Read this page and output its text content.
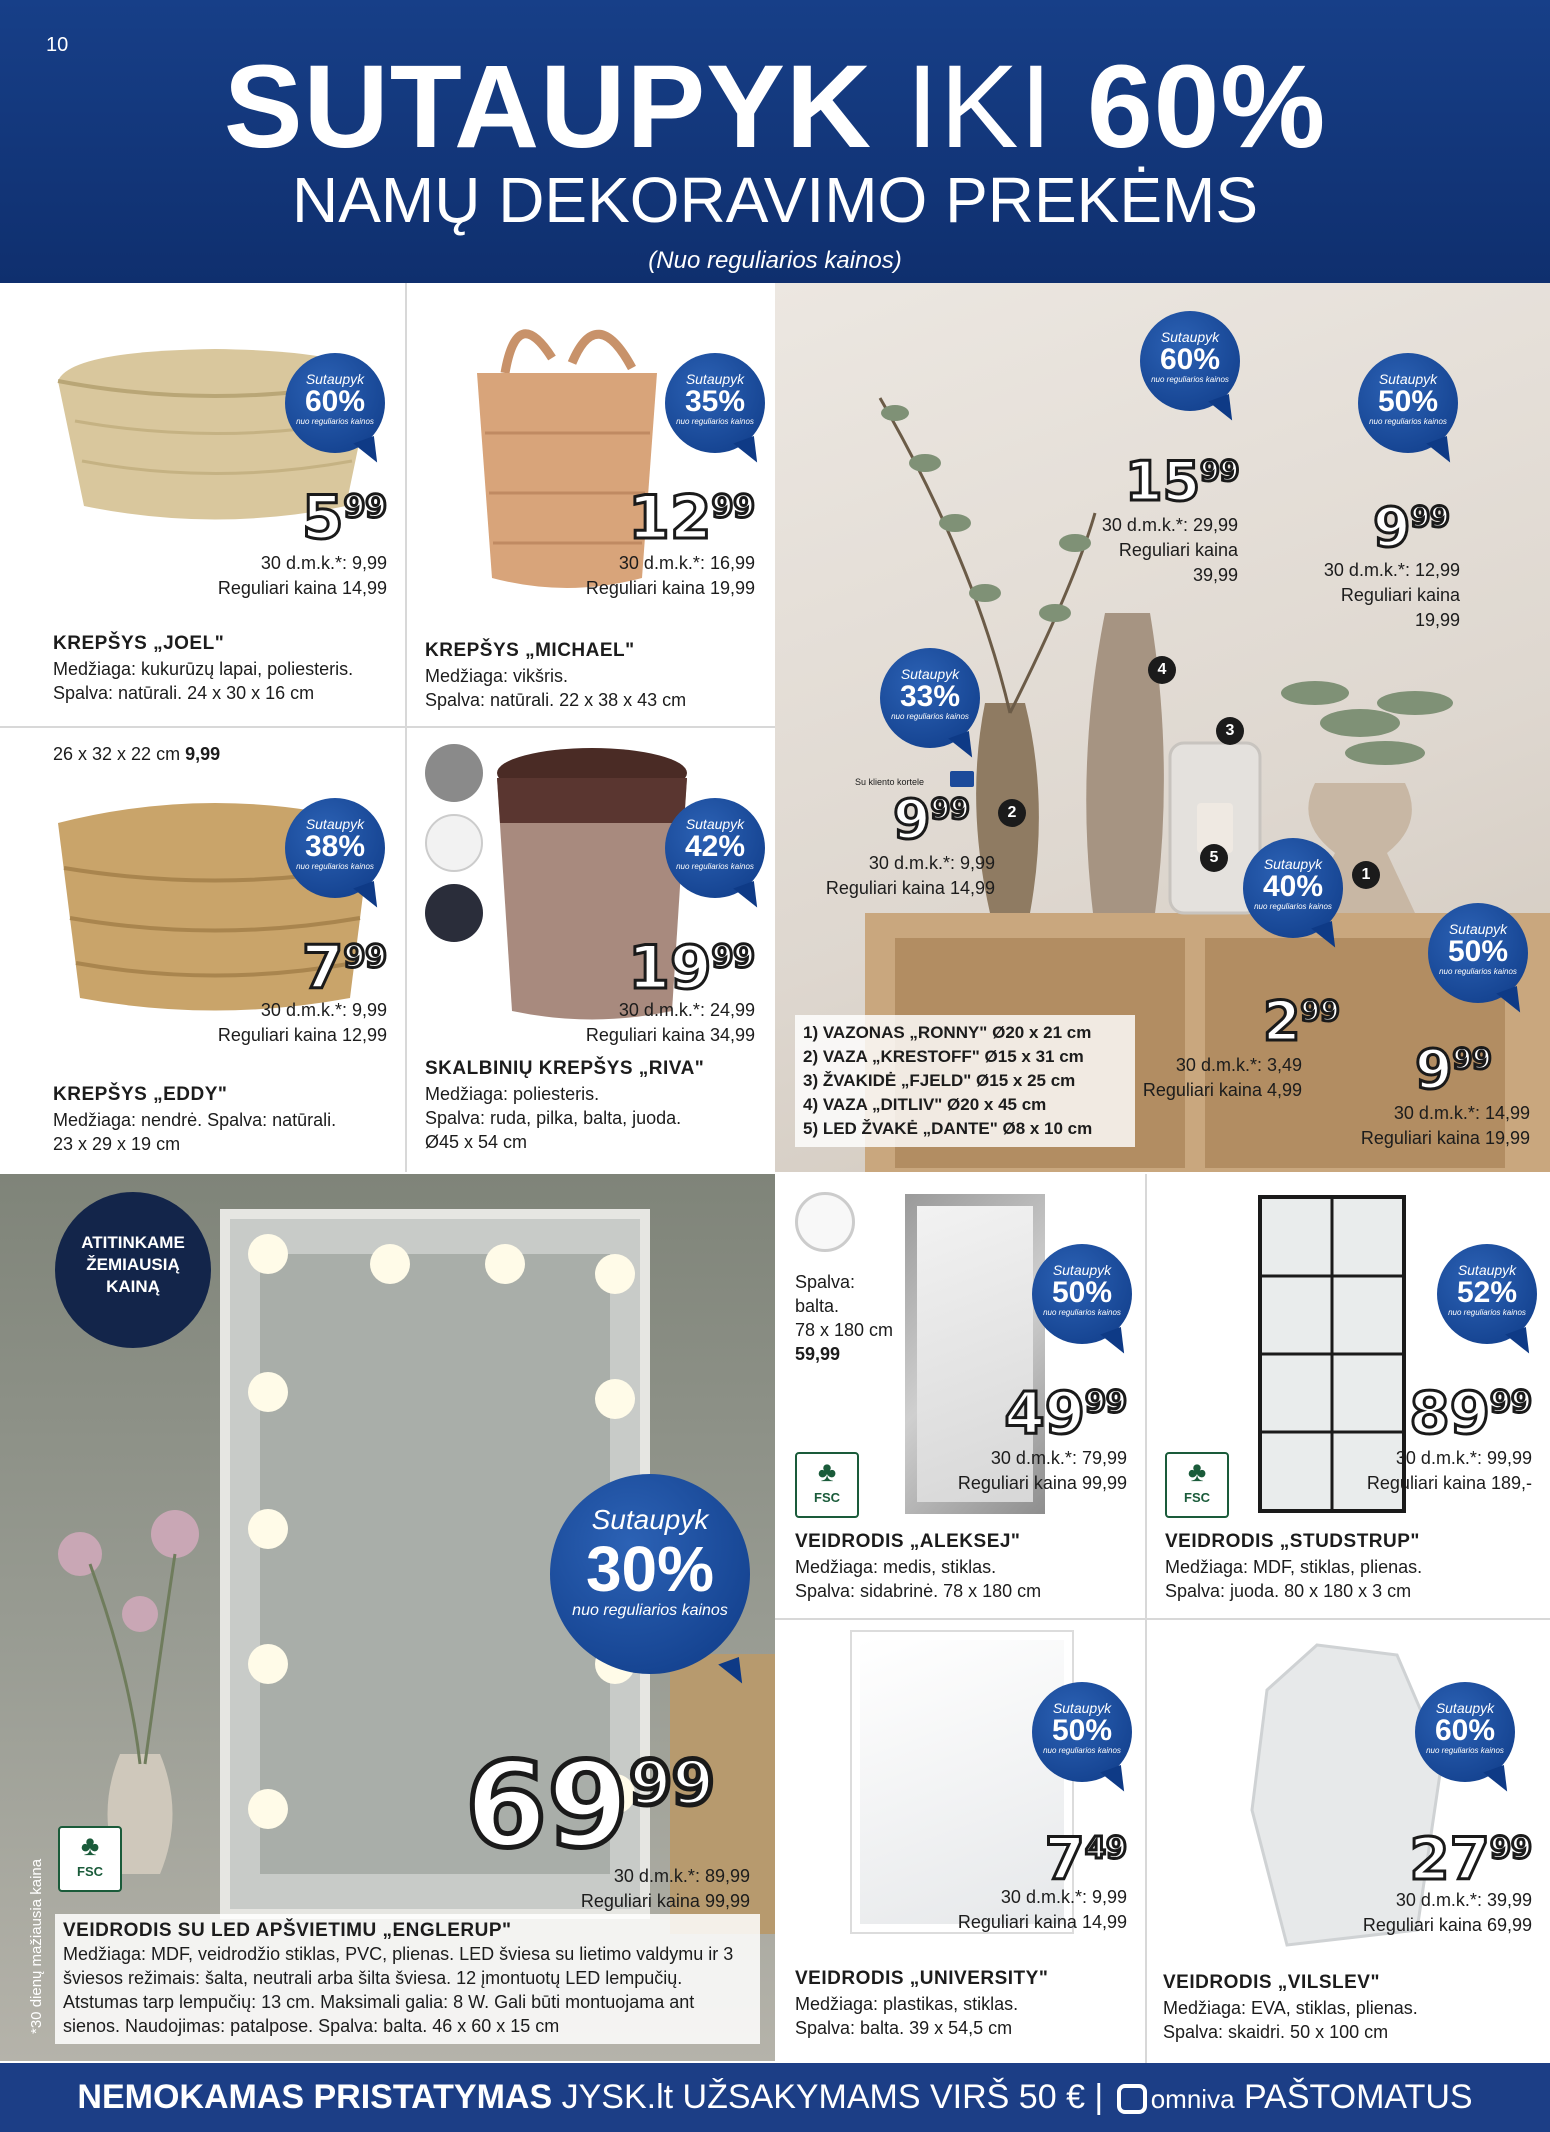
10	SUTAUPYK IKI 60%
NAMŲ DEKORAVIMO PREKĖMS
(Nuo reguliarios kainos)
Sutaupyk
60%
nuo reguliarios kainos
$5^{99}$
30 d.m.k.*: 9,99
Reguliari kaina 14,99
KREPŠYS „JOEL"
Medžiaga: kukurūzų lapai, poliesteris.
Spalva: natūrali. 24 x 30 x 16 cm
Sutaupyk
35%
nuo reguliarios kainos
$12^{99}$
30 d.m.k.*: 16,99
Reguliari kaina 19,99
KREPŠYS „MICHAEL"
Medžiaga: vikšris.
Spalva: natūrali. 22 x 38 x 43 cm
26 x 32 x 22 cm 9,99
Sutaupyk
38%
nuo reguliarios kainos
$7^{99}$
30 d.m.k.*: 9,99
Reguliari kaina 12,99
KREPŠYS „EDDY"
Medžiaga: nendrė. Spalva: natūrali.
23 x 29 x 19 cm
Sutaupyk
42%
nuo reguliarios kainos
$19^{99}$
30 d.m.k.*: 24,99
Reguliari kaina 34,99
SKALBINIŲ KREPŠYS „RIVA"
Medžiaga: poliesteris.
Spalva: ruda, pilka, balta, juoda.
Ø45 x 54 cm
1
2
3
4
5
Sutaupyk
60%
nuo reguliarios kainos
$15^{99}$
30 d.m.k.*: 29,99
Reguliari kaina
39,99
Sutaupyk
50%
nuo reguliarios kainos
$9^{99}$
30 d.m.k.*: 12,99
Reguliari kaina
19,99
Sutaupyk
33%
nuo reguliarios kainos
Su kliento kortele
$9^{99}$
30 d.m.k.*: 9,99
Reguliari kaina 14,99
Sutaupyk
40%
nuo reguliarios kainos
$2^{99}$
30 d.m.k.*: 3,49
Reguliari kaina 4,99
Sutaupyk
50%
nuo reguliarios kainos
$9^{99}$
30 d.m.k.*: 14,99
Reguliari kaina 19,99
1) VAZONAS „RONNY" Ø20 x 21 cm
2) VAZA „KRESTOFF" Ø15 x 31 cm
3) ŽVAKIDĖ „FJELD" Ø15 x 25 cm
4) VAZA „DITLIV" Ø20 x 45 cm
5) LED ŽVAKĖ „DANTE" Ø8 x 10 cm
ATITINKAME ŽEMIAUSIĄ KAINĄ
Sutaupyk
30%
nuo reguliarios kainos
$69^{99}$
30 d.m.k.*: 89,99
Reguliari kaina 99,99
♣
FSC
VEIDRODIS SU LED APŠVIETIMU „ENGLERUP"
Medžiaga: MDF, veidrodžio stiklas, PVC, plienas. LED šviesa su lietimo valdymu ir 3 šviesos režimais: šalta, neutrali arba šilta šviesa. 12 įmontuotų LED lempučių. Atstumas tarp lempučių: 13 cm. Maksimali galia: 8 W. Gali būti montuojama ant sienos. Naudojimas: patalpose. Spalva: balta. 46 x 60 x 15 cm
*30 dienų mažiausia kaina
Spalva:
balta.
78 x 180 cm
59,99
Sutaupyk
50%
nuo reguliarios kainos
$49^{99}$
30 d.m.k.*: 79,99
Reguliari kaina 99,99
♣
FSC
VEIDRODIS „ALEKSEJ"
Medžiaga: medis, stiklas.
Spalva: sidabrinė. 78 x 180 cm
Sutaupyk
52%
nuo reguliarios kainos
$89^{99}$
30 d.m.k.*: 99,99
Reguliari kaina 189,-
♣
FSC
VEIDRODIS „STUDSTRUP"
Medžiaga: MDF, stiklas, plienas.
Spalva: juoda. 80 x 180 x 3 cm
Sutaupyk
50%
nuo reguliarios kainos
$7^{49}$
30 d.m.k.*: 9,99
Reguliari kaina 14,99
VEIDRODIS „UNIVERSITY"
Medžiaga: plastikas, stiklas.
Spalva: balta. 39 x 54,5 cm
Sutaupyk
60%
nuo reguliarios kainos
$27^{99}$
30 d.m.k.*: 39,99
Reguliari kaina 69,99
VEIDRODIS „VILSLEV"
Medžiaga: EVA, stiklas, plienas.
Spalva: skaidri. 50 x 100 cm
NEMOKAMAS PRISTATYMAS JYSK.lt UŽSAKYMAMS VIRŠ 50 € | omniva PAŠTOMATUS
